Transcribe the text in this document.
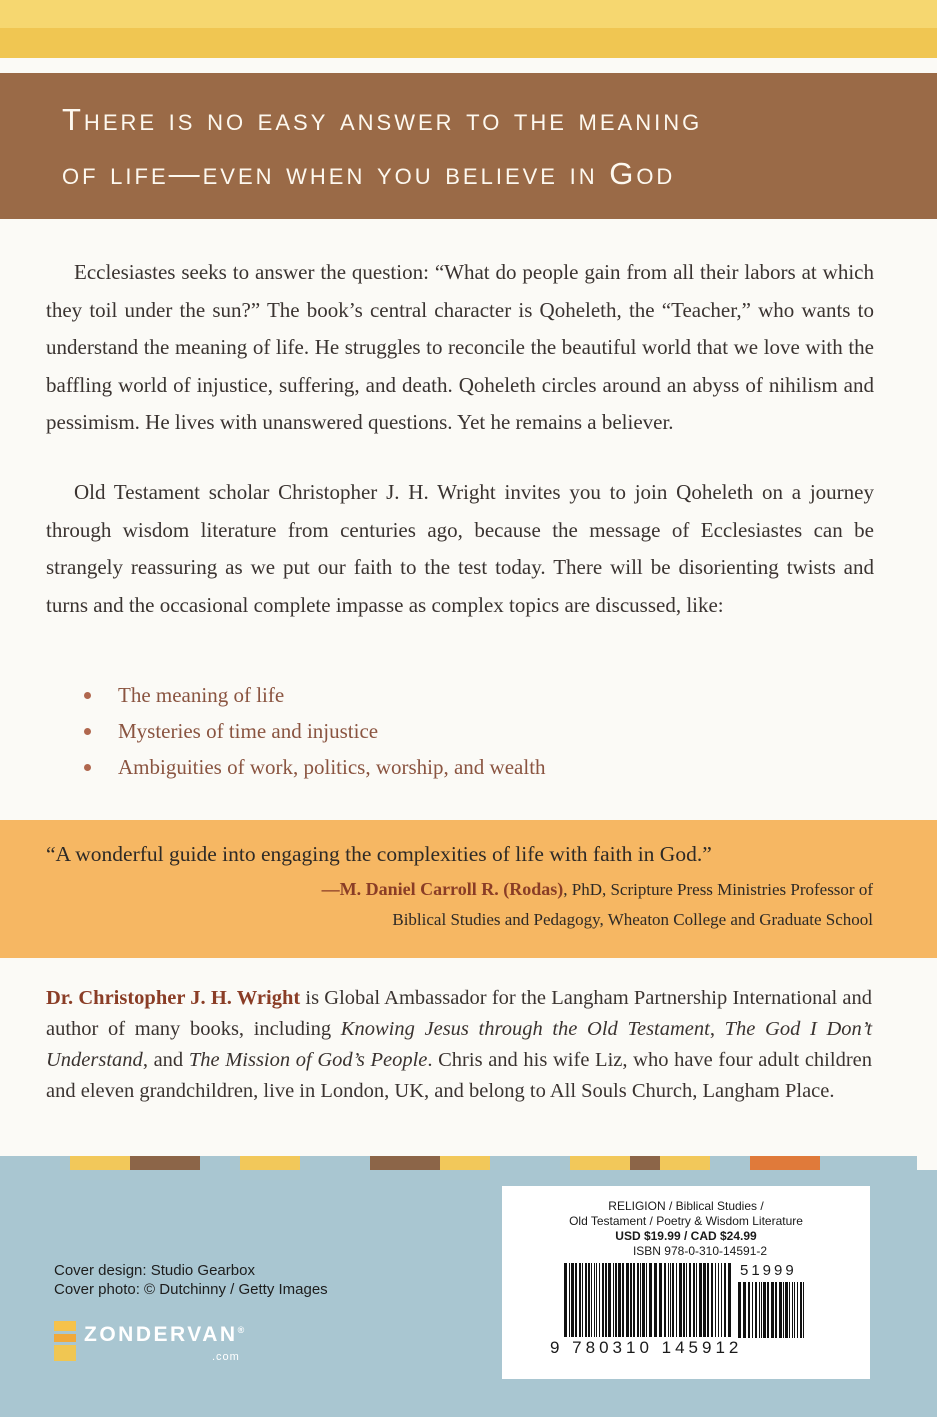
There is no easy answer to the meaning
of life—even when you believe in God
Ecclesiastes seeks to answer the question: “What do people gain from all their labors at which they toil under the sun?” The book’s central character is Qoheleth, the “Teacher,” who wants to understand the meaning of life. He struggles to reconcile the beautiful world that we love with the baffling world of injustice, suffering, and death. Qoheleth circles around an abyss of nihilism and pessimism. He lives with unanswered questions. Yet he remains a believer.
Old Testament scholar Christopher J. H. Wright invites you to join Qoheleth on a journey through wisdom literature from centuries ago, because the message of Ecclesiastes can be strangely reassuring as we put our faith to the test today. There will be disorienting twists and turns and the occasional complete impasse as complex topics are discussed, like:
The meaning of life
Mysteries of time and injustice
Ambiguities of work, politics, worship, and wealth
“A wonderful guide into engaging the complexities of life with faith in God.”
—M. Daniel Carroll R. (Rodas), PhD, Scripture Press Ministries Professor of
Biblical Studies and Pedagogy, Wheaton College and Graduate School
Dr. Christopher J. H. Wright is Global Ambassador for the Langham Partnership International and author of many books, including Knowing Jesus through the Old Testament, The God I Don’t Understand, and The Mission of God’s People. Chris and his wife Liz, who have four adult children and eleven grandchildren, live in London, UK, and belong to All Souls Church, Langham Place.
Cover design: Studio Gearbox
Cover photo: © Dutchinny / Getty Images
ZONDERVAN®
.com
RELIGION / Biblical Studies /
Old Testament / Poetry & Wisdom Literature
USD $19.99 / CAD $24.99
ISBN 978-0-310-14591-2
51999
9 780310 145912
